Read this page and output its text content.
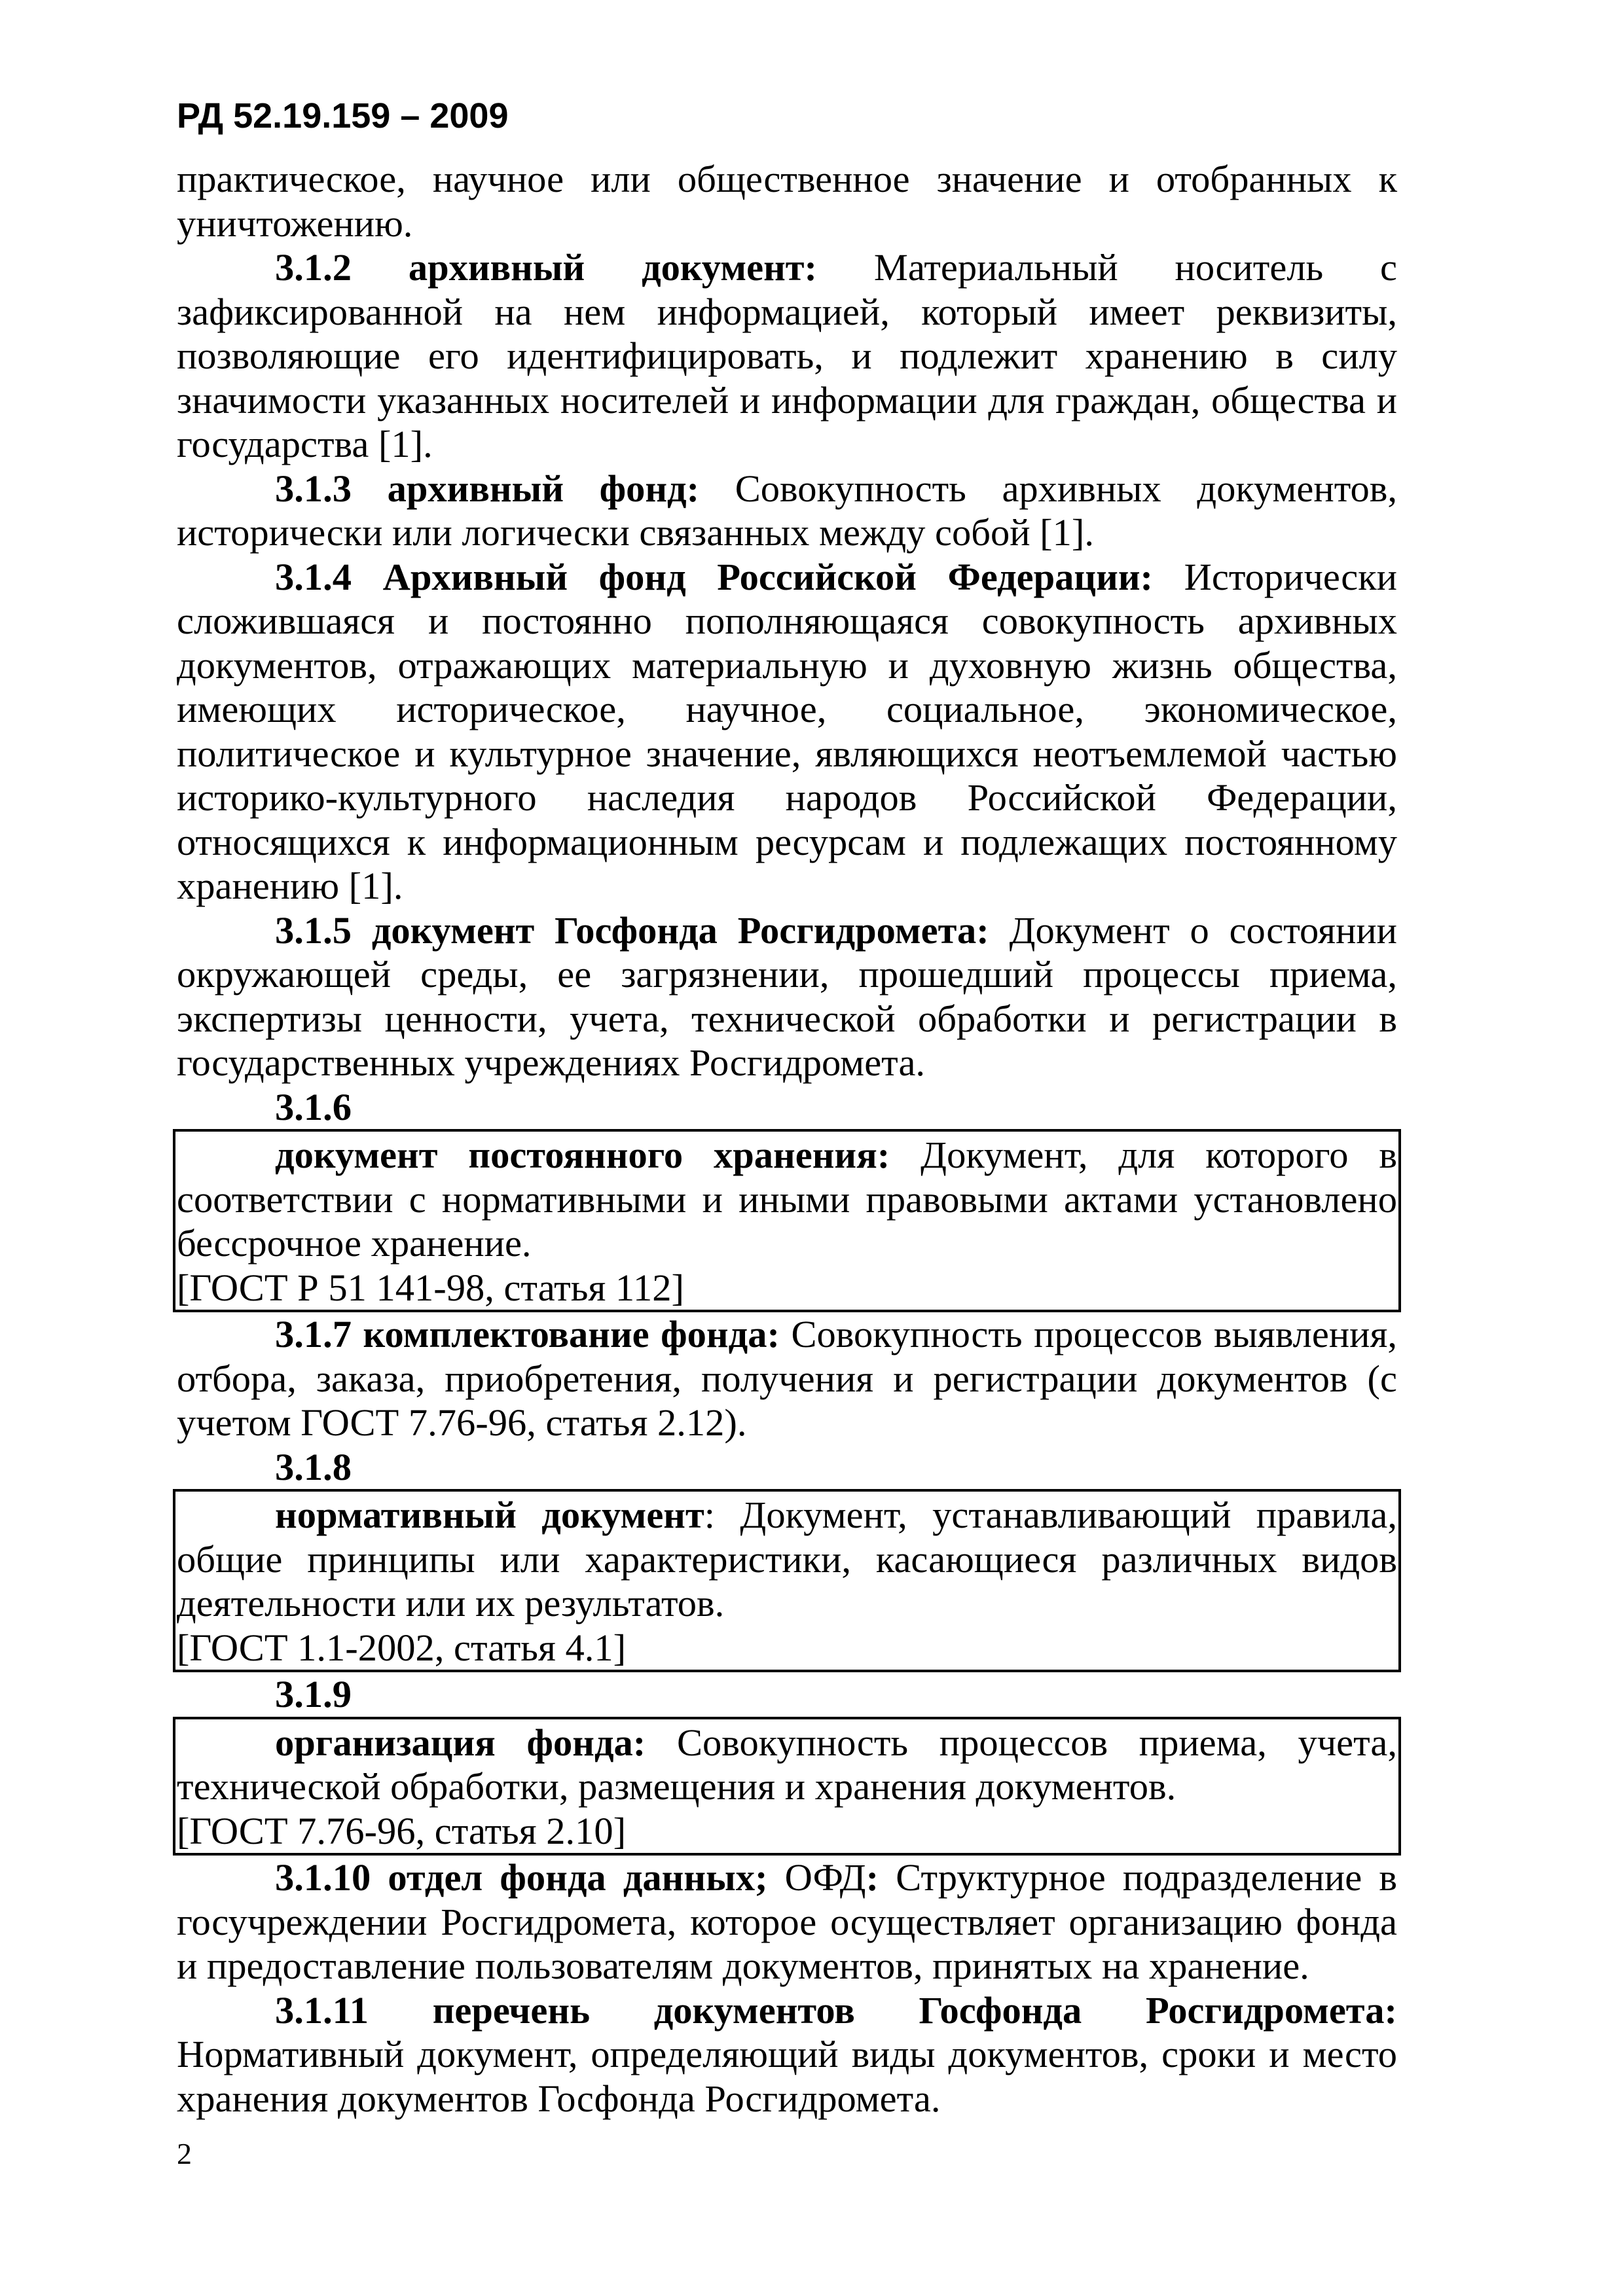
РД 52.19.159 – 2009

практическое, научное или общественное значение и отобранных к уничтожению.

3.1.2 архивный документ: Материальный носитель с зафиксированной на нем информацией, который имеет реквизиты, позволяющие его идентифицировать, и подлежит хранению в силу значимости указанных носителей и информации для граждан, общества и государства [1].

3.1.3 архивный фонд: Совокупность архивных документов, исторически или логически связанных между собой [1].

3.1.4 Архивный фонд Российской Федерации: Исторически сложившаяся и постоянно пополняющаяся совокупность архивных документов, отражающих материальную и духовную жизнь общества, имеющих историческое, научное, социальное, экономическое, политическое и культурное значение, являющихся неотъемлемой частью историко-культурного наследия народов Российской Федерации, относящихся к информационным ресурсам и подлежащих постоянному хранению [1].

3.1.5 документ Госфонда Росгидромета: Документ о состоянии окружающей среды, ее загрязнении, прошедший процессы приема, экспертизы ценности, учета, технической обработки и регистрации в государственных учреждениях Росгидромета.

3.1.6

документ постоянного хранения: Документ, для которого в соответствии с нормативными и иными правовыми актами установлено бессрочное хранение.

[ГОСТ Р 51 141-98, статья 112]

3.1.7 комплектование фонда: Совокупность процессов выявления, отбора, заказа, приобретения, получения и регистрации документов (с учетом ГОСТ 7.76-96, статья 2.12).

3.1.8

нормативный документ: Документ, устанавливающий правила, общие принципы или характеристики, касающиеся различных видов деятельности или их результатов.

[ГОСТ 1.1-2002, статья 4.1]

3.1.9

организация фонда: Совокупность процессов приема, учета, технической обработки, размещения и хранения документов.

[ГОСТ 7.76-96, статья 2.10]

3.1.10 отдел фонда данных; ОФД: Структурное подразделение в госучреждении Росгидромета, которое осуществляет организацию фонда и предоставление пользователям документов, принятых на хранение.

3.1.11 перечень документов Госфонда Росгидромета: Нормативный документ, определяющий виды документов, сроки и место хранения документов Госфонда Росгидромета.

2
